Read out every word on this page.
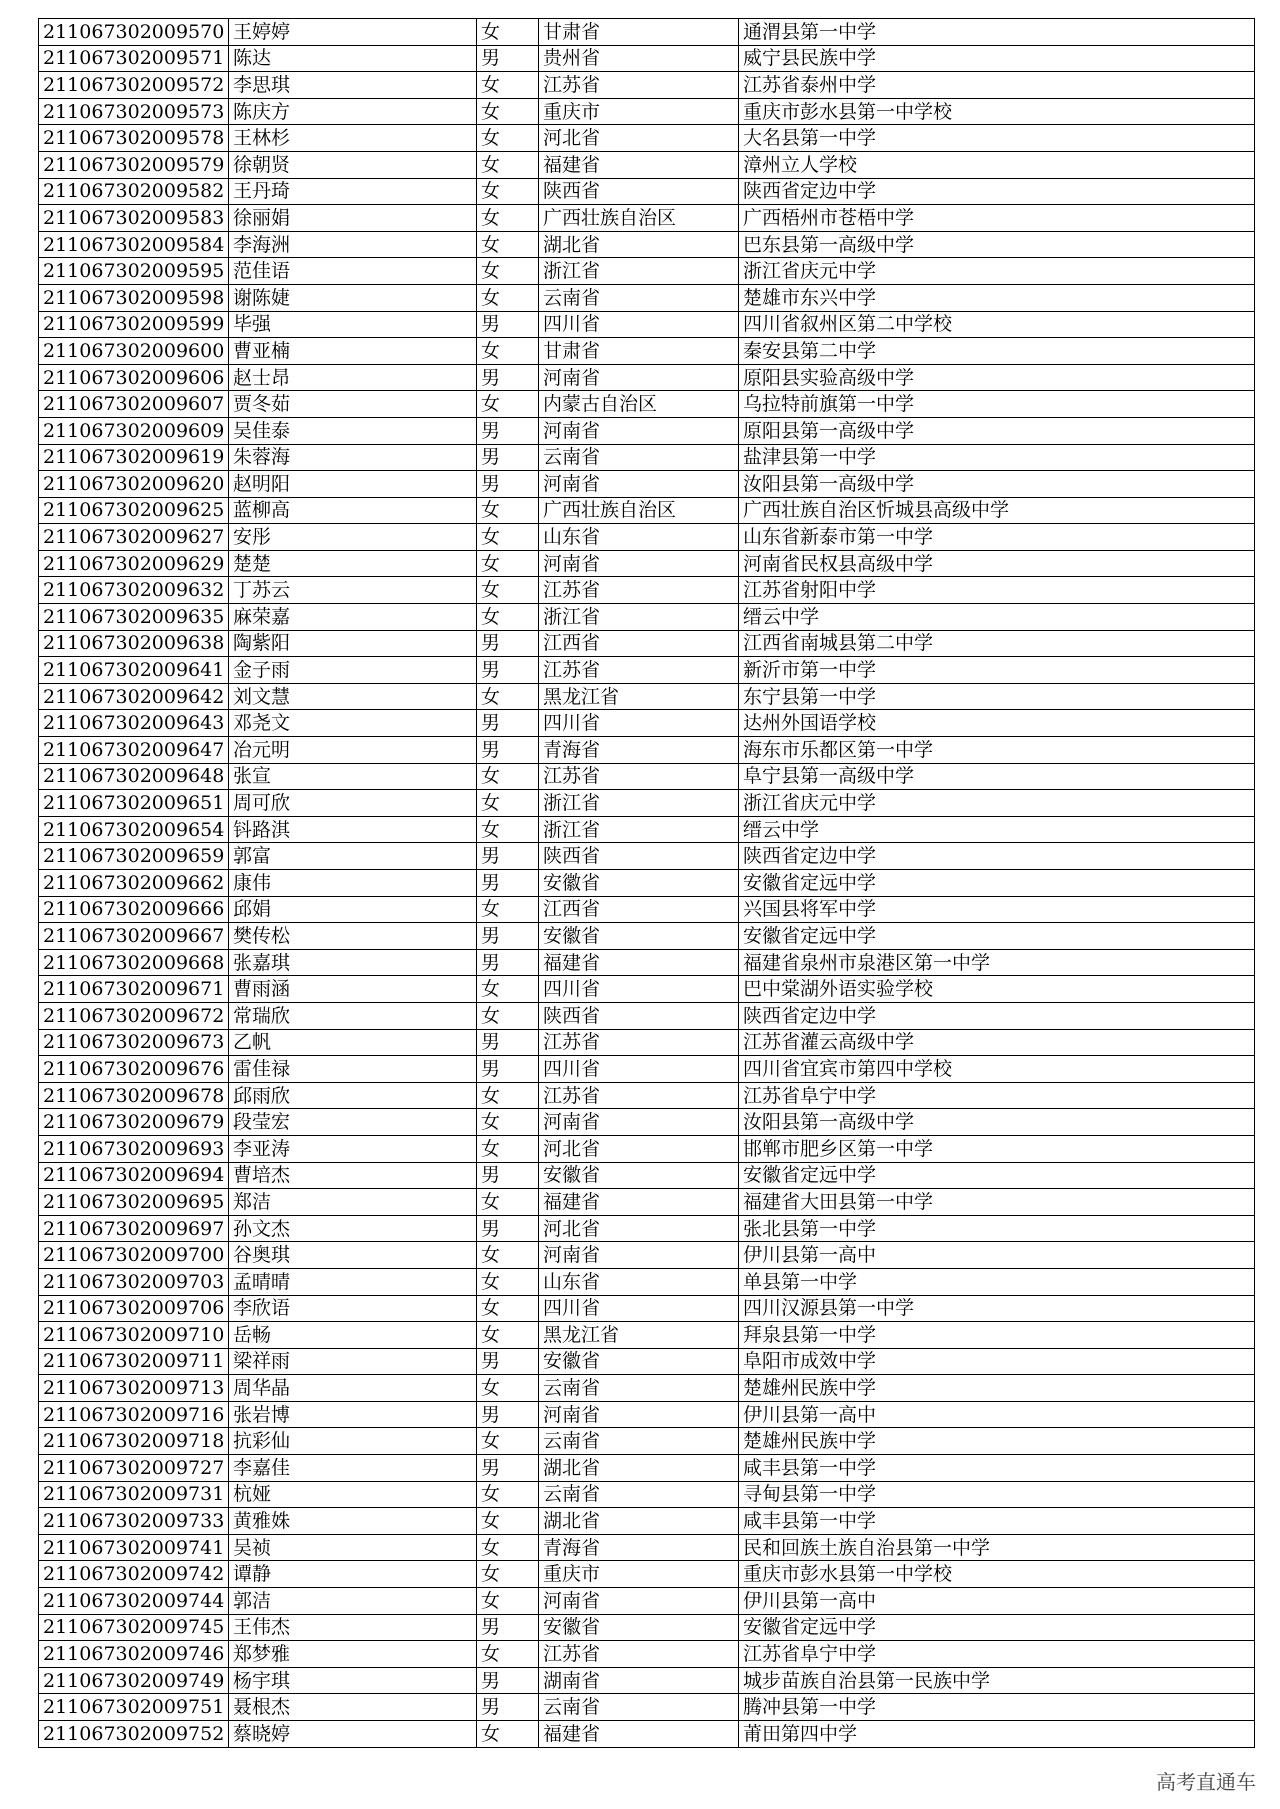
211067302009570	王婷婷	女	甘肃省	通渭县第一中学
211067302009571	陈达	男	贵州省	威宁县民族中学
211067302009572	李思琪	女	江苏省	江苏省泰州中学
211067302009573	陈庆方	女	重庆市	重庆市彭水县第一中学校
211067302009578	王林杉	女	河北省	大名县第一中学
211067302009579	徐朝贤	女	福建省	漳州立人学校
211067302009582	王丹琦	女	陕西省	陕西省定边中学
211067302009583	徐丽娟	女	广西壮族自治区	广西梧州市苍梧中学
211067302009584	李海洲	女	湖北省	巴东县第一高级中学
211067302009595	范佳语	女	浙江省	浙江省庆元中学
211067302009598	谢陈婕	女	云南省	楚雄市东兴中学
211067302009599	毕强	男	四川省	四川省叙州区第二中学校
211067302009600	曹亚楠	女	甘肃省	秦安县第二中学
211067302009606	赵士昂	男	河南省	原阳县实验高级中学
211067302009607	贾冬茹	女	内蒙古自治区	乌拉特前旗第一中学
211067302009609	吴佳泰	男	河南省	原阳县第一高级中学
211067302009619	朱蓉海	男	云南省	盐津县第一中学
211067302009620	赵明阳	男	河南省	汝阳县第一高级中学
211067302009625	蓝柳高	女	广西壮族自治区	广西壮族自治区忻城县高级中学
211067302009627	安彤	女	山东省	山东省新泰市第一中学
211067302009629	楚楚	女	河南省	河南省民权县高级中学
211067302009632	丁苏云	女	江苏省	江苏省射阳中学
211067302009635	麻荣嘉	女	浙江省	缙云中学
211067302009638	陶紫阳	男	江西省	江西省南城县第二中学
211067302009641	金子雨	男	江苏省	新沂市第一中学
211067302009642	刘文慧	女	黑龙江省	东宁县第一中学
211067302009643	邓尧文	男	四川省	达州外国语学校
211067302009647	冶元明	男	青海省	海东市乐都区第一中学
211067302009648	张宣	女	江苏省	阜宁县第一高级中学
211067302009651	周可欣	女	浙江省	浙江省庆元中学
211067302009654	钭路淇	女	浙江省	缙云中学
211067302009659	郭富	男	陕西省	陕西省定边中学
211067302009662	康伟	男	安徽省	安徽省定远中学
211067302009666	邱娟	女	江西省	兴国县将军中学
211067302009667	樊传松	男	安徽省	安徽省定远中学
211067302009668	张嘉琪	男	福建省	福建省泉州市泉港区第一中学
211067302009671	曹雨涵	女	四川省	巴中棠湖外语实验学校
211067302009672	常瑞欣	女	陕西省	陕西省定边中学
211067302009673	乙帆	男	江苏省	江苏省灌云高级中学
211067302009676	雷佳禄	男	四川省	四川省宜宾市第四中学校
211067302009678	邱雨欣	女	江苏省	江苏省阜宁中学
211067302009679	段莹宏	女	河南省	汝阳县第一高级中学
211067302009693	李亚涛	女	河北省	邯郸市肥乡区第一中学
211067302009694	曹培杰	男	安徽省	安徽省定远中学
211067302009695	郑洁	女	福建省	福建省大田县第一中学
211067302009697	孙文杰	男	河北省	张北县第一中学
211067302009700	谷奥琪	女	河南省	伊川县第一高中
211067302009703	孟晴晴	女	山东省	单县第一中学
211067302009706	李欣语	女	四川省	四川汉源县第一中学
211067302009710	岳畅	女	黑龙江省	拜泉县第一中学
211067302009711	梁祥雨	男	安徽省	阜阳市成效中学
211067302009713	周华晶	女	云南省	楚雄州民族中学
211067302009716	张岩博	男	河南省	伊川县第一高中
211067302009718	抗彩仙	女	云南省	楚雄州民族中学
211067302009727	李嘉佳	男	湖北省	咸丰县第一中学
211067302009731	杭娅	女	云南省	寻甸县第一中学
211067302009733	黄雅姝	女	湖北省	咸丰县第一中学
211067302009741	吴祯	女	青海省	民和回族土族自治县第一中学
211067302009742	谭静	女	重庆市	重庆市彭水县第一中学校
211067302009744	郭洁	女	河南省	伊川县第一高中
211067302009745	王伟杰	男	安徽省	安徽省定远中学
211067302009746	郑梦雅	女	江苏省	江苏省阜宁中学
211067302009749	杨宇琪	男	湖南省	城步苗族自治县第一民族中学
211067302009751	聂根杰	男	云南省	腾冲县第一中学
211067302009752	蔡晓婷	女	福建省	莆田第四中学
高考直通车
